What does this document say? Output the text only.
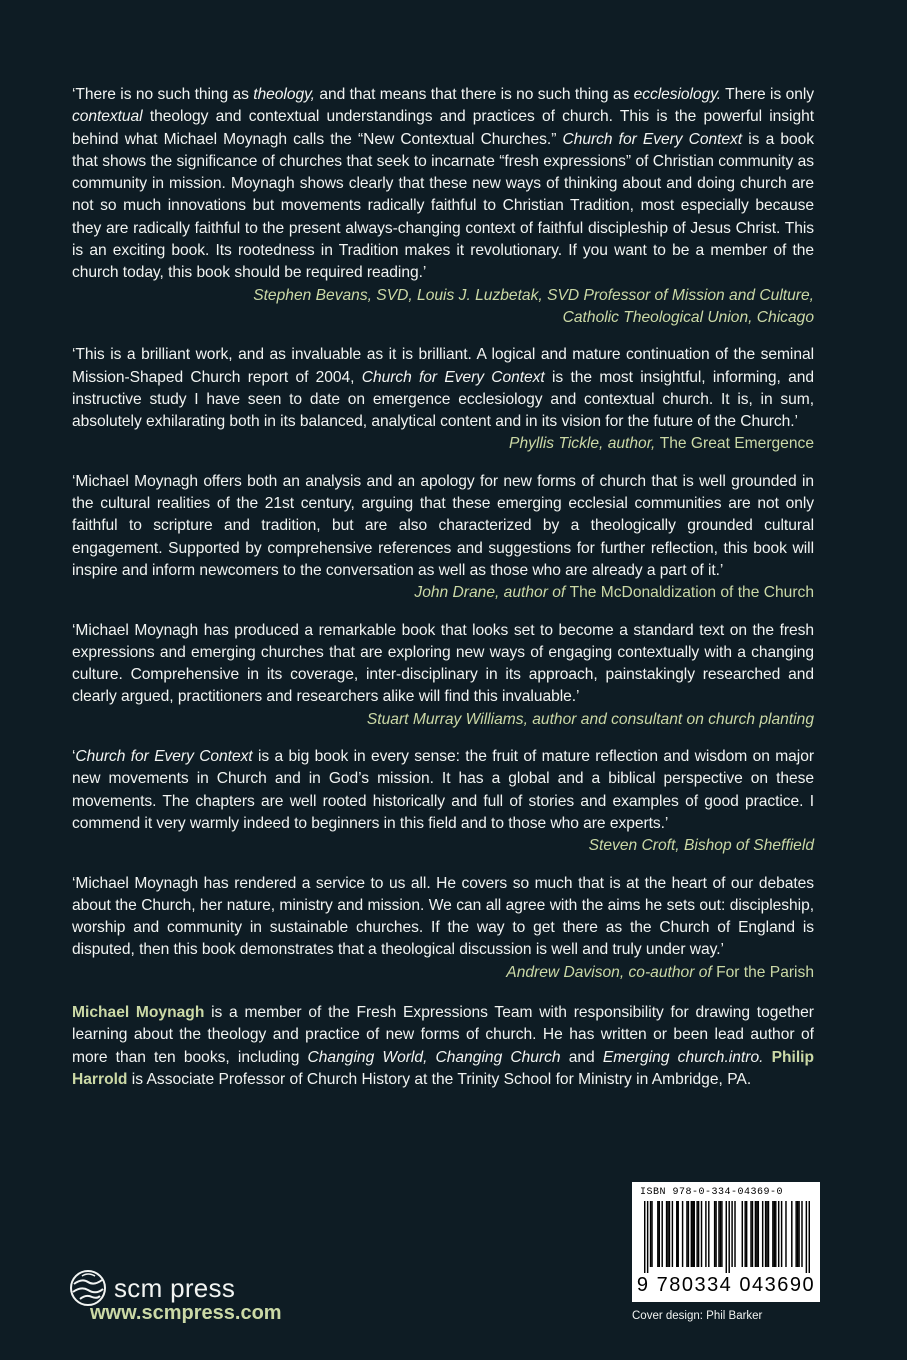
‘There is no such thing as theology, and that means that there is no such thing as ecclesiology. There is only contextual theology and contextual understandings and practices of church. This is the powerful insight behind what Michael Moynagh calls the “New Contextual Churches.” Church for Every Context is a book that shows the significance of churches that seek to incarnate “fresh expressions” of Christian community as community in mission. Moynagh shows clearly that these new ways of thinking about and doing church are not so much innovations but movements radically faithful to Christian Tradition, most especially because they are radically faithful to the present always-changing context of faithful discipleship of Jesus Christ. This is an exciting book. Its rootedness in Tradition makes it revolutionary. If you want to be a member of the church today, this book should be required reading.’
Stephen Bevans, SVD, Louis J. Luzbetak, SVD Professor of Mission and Culture,
Catholic Theological Union, Chicago
‘This is a brilliant work, and as invaluable as it is brilliant. A logical and mature continuation of the seminal Mission-Shaped Church report of 2004, Church for Every Context is the most insightful, informing, and instructive study I have seen to date on emergence ecclesiology and contextual church. It is, in sum, absolutely exhilarating both in its balanced, analytical content and in its vision for the future of the Church.’
Phyllis Tickle, author, The Great Emergence
‘Michael Moynagh offers both an analysis and an apology for new forms of church that is well grounded in the cultural realities of the 21st century, arguing that these emerging ecclesial communities are not only faithful to scripture and tradition, but are also characterized by a theologically grounded cultural engagement. Supported by comprehensive references and suggestions for further reflection, this book will inspire and inform newcomers to the conversation as well as those who are already a part of it.’
John Drane, author of The McDonaldization of the Church
‘Michael Moynagh has produced a remarkable book that looks set to become a standard text on the fresh expressions and emerging churches that are exploring new ways of engaging contextually with a changing culture. Comprehensive in its coverage, inter-disciplinary in its approach, painstakingly researched and clearly argued, practitioners and researchers alike will find this invaluable.’
Stuart Murray Williams, author and consultant on church planting
‘Church for Every Context is a big book in every sense: the fruit of mature reflection and wisdom on major new movements in Church and in God’s mission. It has a global and a biblical perspective on these movements. The chapters are well rooted historically and full of stories and examples of good practice. I commend it very warmly indeed to beginners in this field and to those who are experts.’
Steven Croft, Bishop of Sheffield
‘Michael Moynagh has rendered a service to us all. He covers so much that is at the heart of our debates about the Church, her nature, ministry and mission. We can all agree with the aims he sets out: discipleship, worship and community in sustainable churches. If the way to get there as the Church of England is disputed, then this book demonstrates that a theological discussion is well and truly under way.’
Andrew Davison, co-author of For the Parish
Michael Moynagh is a member of the Fresh Expressions Team with responsibility for drawing together learning about the theology and practice of new forms of church. He has written or been lead author of more than ten books, including Changing World, Changing Church and Emerging church.intro. Philip Harrold is Associate Professor of Church History at the Trinity School for Ministry in Ambridge, PA.
scm press
www.scmpress.com
ISBN 978-0-334-04369-0
9 780334 043690
Cover design: Phil Barker
